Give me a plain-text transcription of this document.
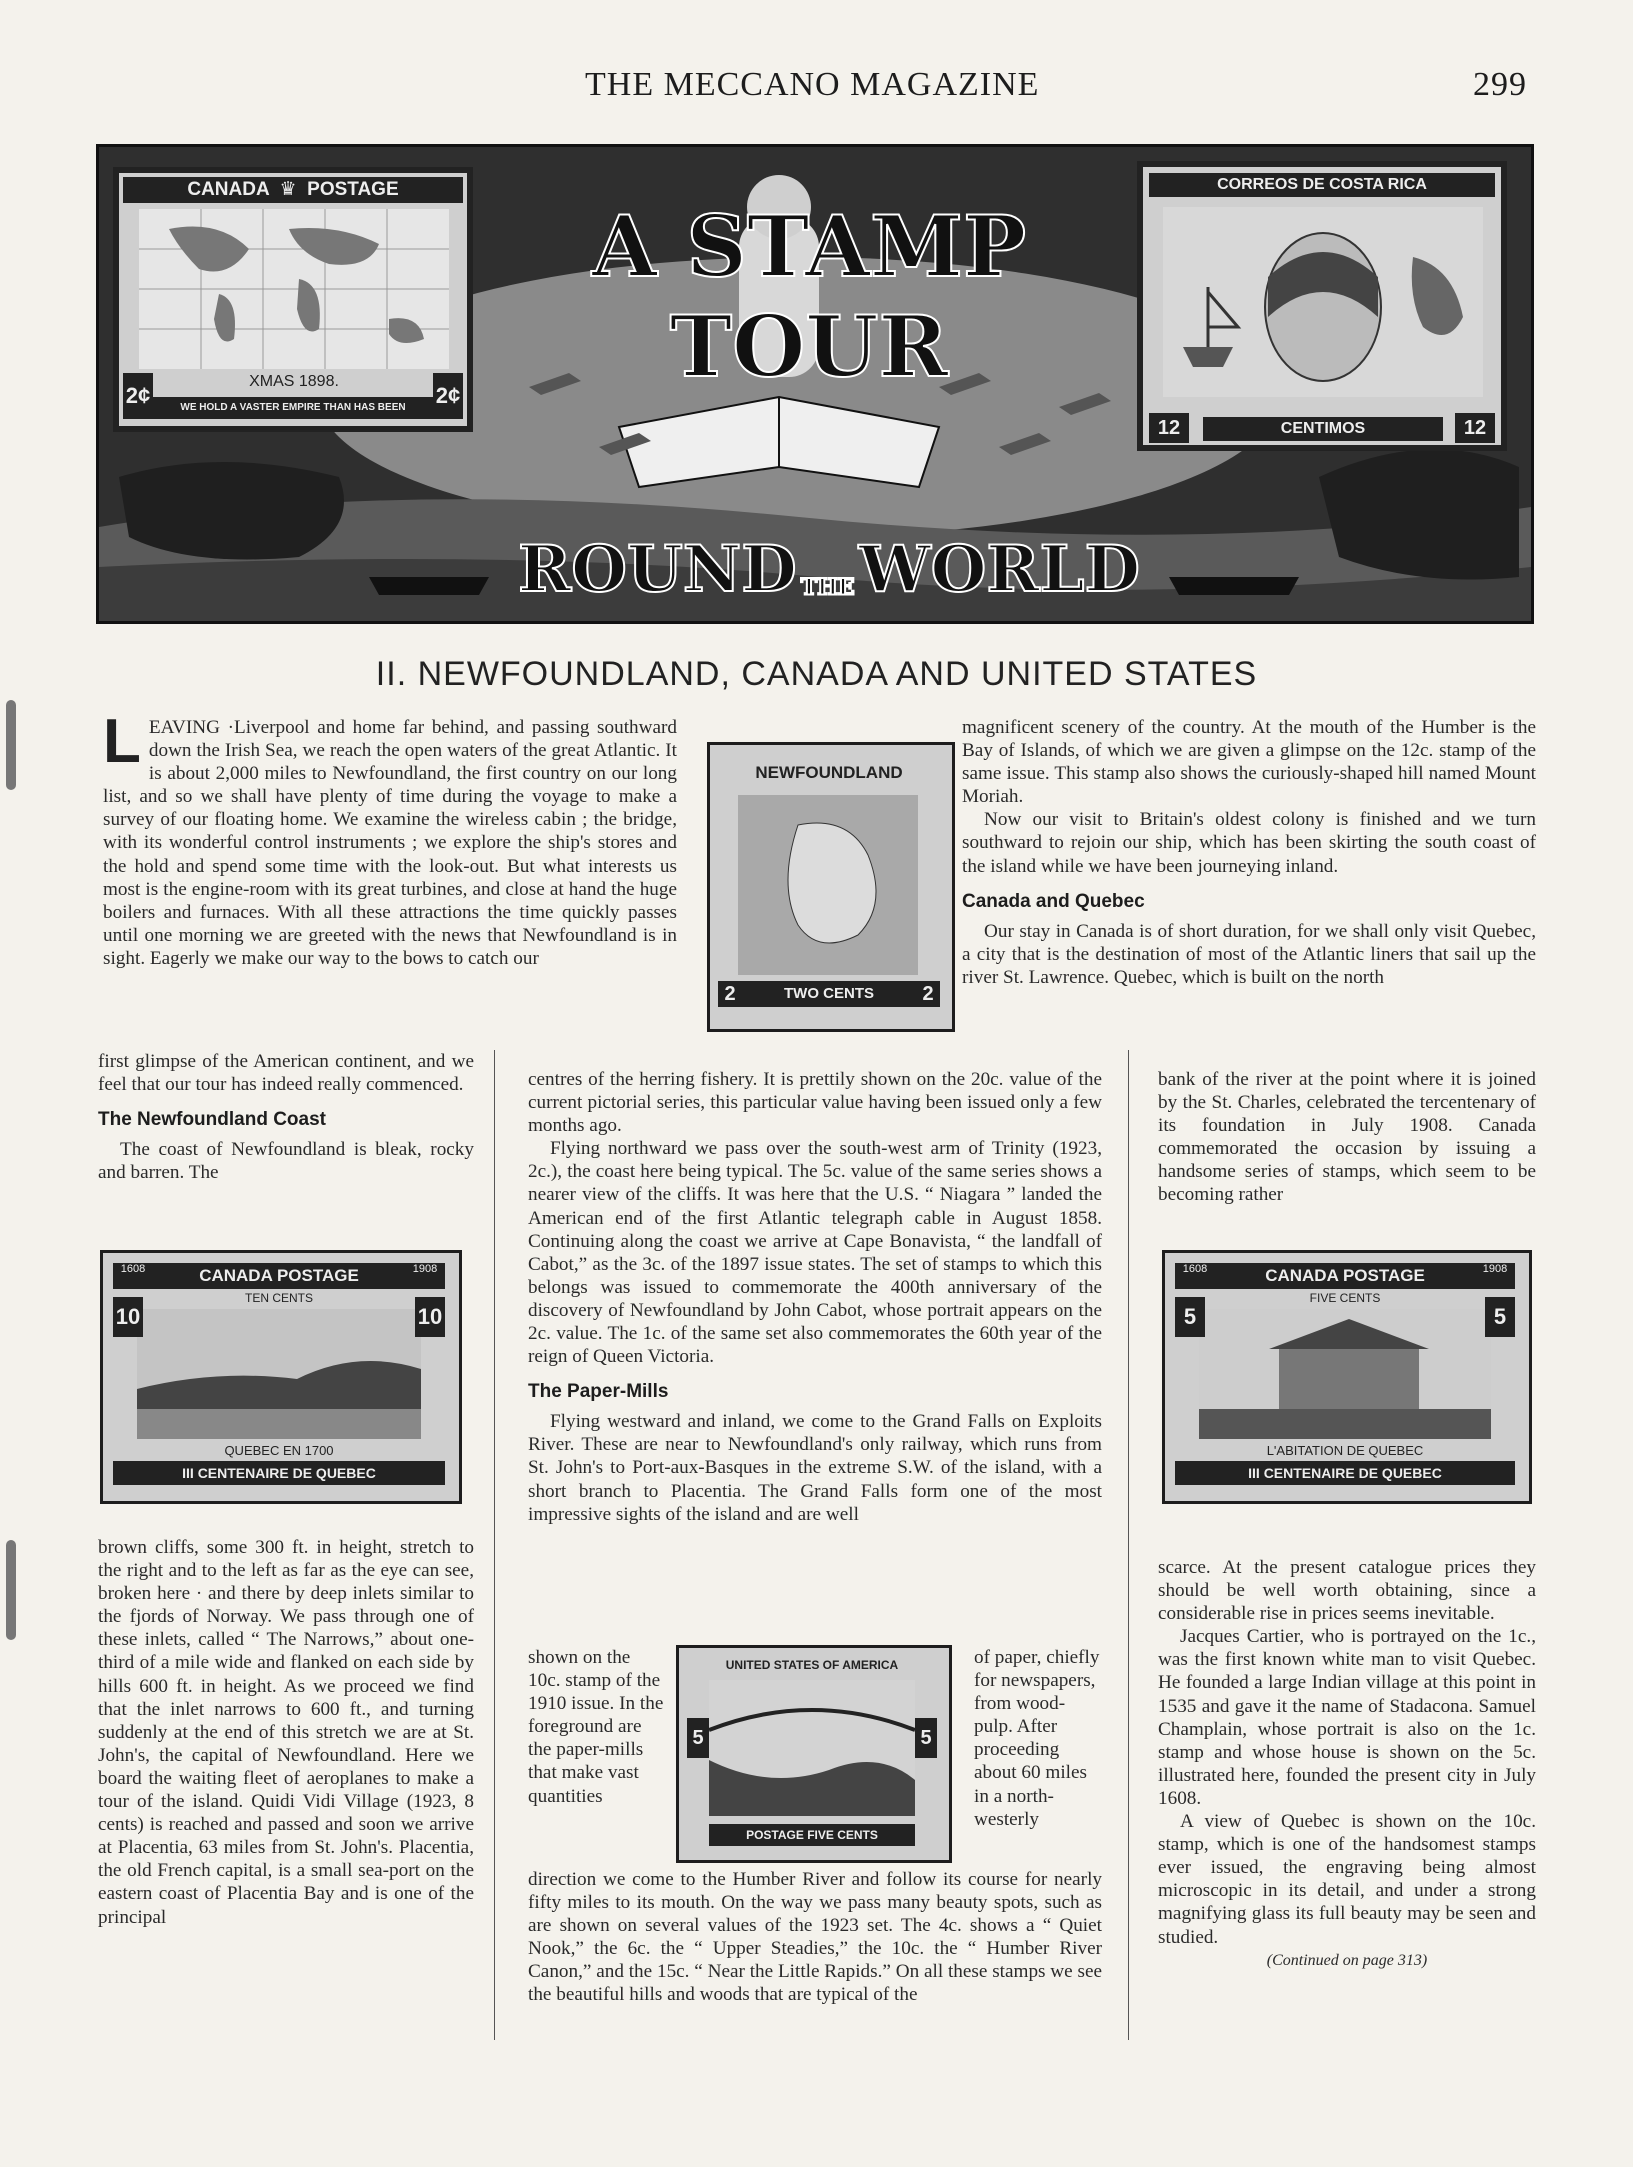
THE MECCANO MAGAZINE	299
A STAMP TOUR
ROUND THE WORLD
CANADA  ♛  POSTAGE
XMAS 1898.
WE HOLD A VASTER EMPIRE THAN HAS BEEN
2¢	2¢
CORREOS DE COSTA RICA
12	CENTIMOS	12
II. NEWFOUNDLAND, CANADA AND UNITED STATES
NEWFOUNDLAND
TWO CENTS
2	2

LEAVING ·Liverpool and home far behind, and passing southward down the Irish Sea, we reach the open waters of the great Atlantic. It is about 2,000 miles to Newfoundland, the first country on our long list, and so we shall have plenty of time during the voyage to make a survey of our floating home. We examine the wireless cabin ; the bridge, with its wonderful control instruments ; we explore the ship's stores and the hold and spend some time with the look-out. But what interests us most is the engine-room with its great turbines, and close at hand the huge boilers and furnaces. With all these attractions the time quickly passes until one morning we are greeted with the news that Newfoundland is in sight. Eagerly we make our way to the bows to catch our

first glimpse of the American continent, and we feel that our tour has indeed really commenced.

The Newfoundland Coast

The coast of Newfoundland is bleak, rocky and barren. The

CANADA POSTAGE
TEN CENTS
1608	1908
10	10
QUEBEC EN 1700
III CENTENAIRE DE QUEBEC

brown cliffs, some 300 ft. in height, stretch to the right and to the left as far as the eye can see, broken here · and there by deep inlets similar to the fjords of Norway. We pass through one of these inlets, called “ The Narrows,” about one-third of a mile wide and flanked on each side by hills 600 ft. in height. As we proceed we find that the inlet narrows to 600 ft., and turning suddenly at the end of this stretch we are at St. John's, the capital of Newfoundland. Here we board the waiting fleet of aeroplanes to make a tour of the island. Quidi Vidi Village (1923, 8 cents) is reached and passed and soon we arrive at Placentia, 63 miles from St. John's. Placentia, the old French capital, is a small sea-port on the eastern coast of Placentia Bay and is one of the principal

centres of the herring fishery. It is prettily shown on the 20c. value of the current pictorial series, this particular value having been issued only a few months ago.

Flying northward we pass over the south-west arm of Trinity (1923, 2c.), the coast here being typical. The 5c. value of the same series shows a nearer view of the cliffs. It was here that the U.S. “ Niagara ” landed the American end of the first Atlantic telegraph cable in August 1858. Continuing along the coast we arrive at Cape Bonavista, “ the landfall of Cabot,” as the 3c. of the 1897 issue states. The set of stamps to which this belongs was issued to commemorate the 400th anniversary of the discovery of Newfoundland by John Cabot, whose portrait appears on the 2c. value. The 1c. of the same set also commemorates the 60th year of the reign of Queen Victoria.

The Paper-Mills

Flying westward and inland, we come to the Grand Falls on Exploits River. These are near to Newfoundland's only railway, which runs from St. John's to Port-aux-Basques in the extreme S.W. of the island, with a short branch to Placentia. The Grand Falls form one of the most impressive sights of the island and are well

UNITED STATES OF AMERICA
5	5
POSTAGE FIVE CENTS

shown on the 10c. stamp of the 1910 issue. In the foreground are the paper-mills that make vast quantities

of paper, chiefly for newspapers, from wood-pulp. After proceeding about 60 miles in a north-westerly

direction we come to the Humber River and follow its course for nearly fifty miles to its mouth. On the way we pass many beauty spots, such as are shown on several values of the 1923 set. The 4c. shows a “ Quiet Nook,” the 6c. the “ Upper Steadies,” the 10c. the “ Humber River Canon,” and the 15c. “ Near the Little Rapids.” On all these stamps we see the beautiful hills and woods that are typical of the

magnificent scenery of the country. At the mouth of the Humber is the Bay of Islands, of which we are given a glimpse on the 12c. stamp of the same issue. This stamp also shows the curiously-shaped hill named Mount Moriah.

Now our visit to Britain's oldest colony is finished and we turn southward to rejoin our ship, which has been skirting the south coast of the island while we have been journeying inland.

Canada and Quebec

Our stay in Canada is of short duration, for we shall only visit Quebec, a city that is the destination of most of the Atlantic liners that sail up the river St. Lawrence. Quebec, which is built on the north

bank of the river at the point where it is joined by the St. Charles, celebrated the tercentenary of its foundation in July 1908. Canada commemorated the occasion by issuing a handsome series of stamps, which seem to be becoming rather

CANADA POSTAGE
FIVE CENTS
1608	1908
5	5
L'ABITATION DE QUEBEC
III CENTENAIRE DE QUEBEC

scarce. At the present catalogue prices they should be well worth obtaining, since a considerable rise in prices seems inevitable.

Jacques Cartier, who is portrayed on the 1c., was the first known white man to visit Quebec. He founded a large Indian village at this point in 1535 and gave it the name of Stadacona. Samuel Champlain, whose portrait is also on the 1c. stamp and whose house is shown on the 5c. illustrated here, founded the present city in July 1608.

A view of Quebec is shown on the 10c. stamp, which is one of the handsomest stamps ever issued, the engraving being almost microscopic in its detail, and under a strong magnifying glass its full beauty may be seen and studied.

(Continued on page 313)
